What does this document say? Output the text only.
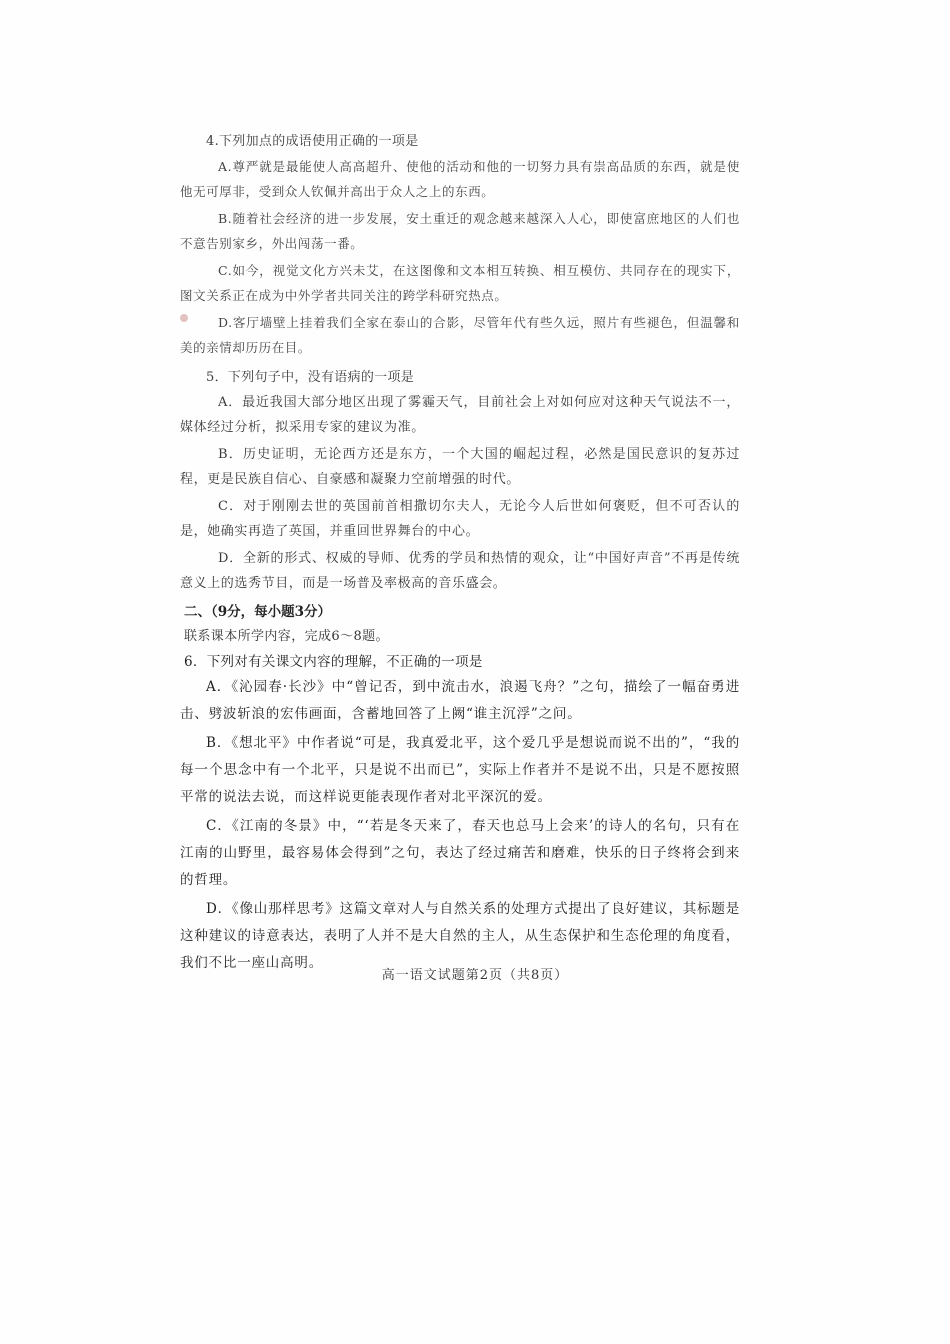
4.下列加点的成语使用正确的一项是

A.尊严就是最能使人高高超升、使他的活动和他的一切努力具有崇高品质的东西，就是使他无可厚非，受到众人钦佩并高出于众人之上的东西。

B.随着社会经济的进一步发展，安土重迁的观念越来越深入人心，即使富庶地区的人们也不意告别家乡，外出闯荡一番。

C.如今，视觉文化方兴未艾，在这图像和文本相互转换、相互模仿、共同存在的现实下，图文关系正在成为中外学者共同关注的跨学科研究热点。

D.客厅墙壁上挂着我们全家在泰山的合影，尽管年代有些久远，照片有些褪色，但温馨和美的亲情却历历在目。

5．下列句子中，没有语病的一项是

A．最近我国大部分地区出现了雾霾天气，目前社会上对如何应对这种天气说法不一，媒体经过分析，拟采用专家的建议为准。

B．历史证明，无论西方还是东方，一个大国的崛起过程，必然是国民意识的复苏过程，更是民族自信心、自豪感和凝聚力空前增强的时代。

C．对于刚刚去世的英国前首相撒切尔夫人，无论今人后世如何褒贬，但不可否认的是，她确实再造了英国，并重回世界舞台的中心。

D．全新的形式、权威的导师、优秀的学员和热情的观众，让“中国好声音”不再是传统意义上的选秀节目，而是一场普及率极高的音乐盛会。

二、（9分，每小题3分）

联系课本所学内容，完成6～8题。

6．下列对有关课文内容的理解，不正确的一项是

A．《沁园春·长沙》中“曾记否，到中流击水，浪遏飞舟？”之句，描绘了一幅奋勇进击、劈波斩浪的宏伟画面，含蓄地回答了上阙“谁主沉浮”之问。

B．《想北平》中作者说“可是，我真爱北平，这个爱几乎是想说而说不出的”，“我的每一个思念中有一个北平，只是说不出而已”，实际上作者并不是说不出，只是不愿按照平常的说法去说，而这样说更能表现作者对北平深沉的爱。

C．《江南的冬景》中，“‘若是冬天来了，春天也总马上会来’的诗人的名句，只有在江南的山野里，最容易体会得到”之句，表达了经过痛苦和磨难，快乐的日子终将会到来的哲理。

D．《像山那样思考》这篇文章对人与自然关系的处理方式提出了良好建议，其标题是这种建议的诗意表达，表明了人并不是大自然的主人，从生态保护和生态伦理的角度看，我们不比一座山高明。

高一语文试题第2页（共8页）
